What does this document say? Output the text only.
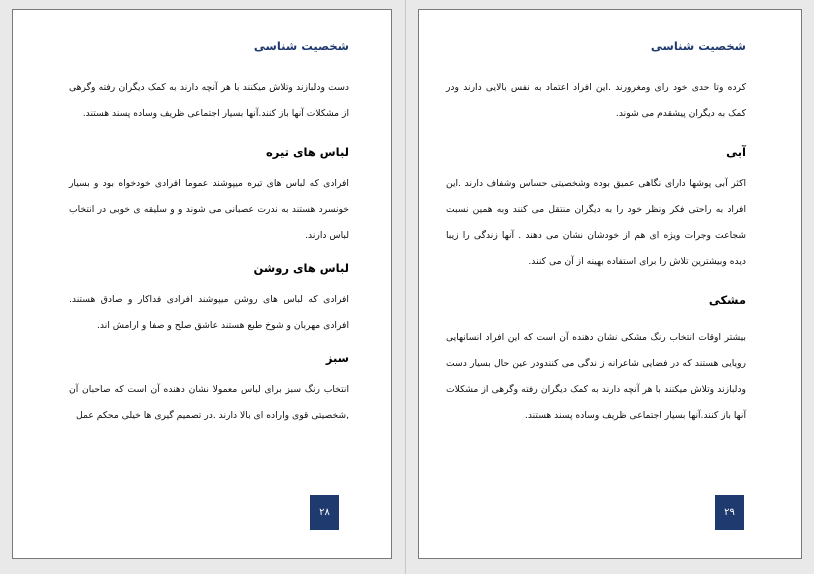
شخصیت شناسی

دست ودلبازند وتلاش میکنند با هر آنچه دارند به کمک دیگران رفته وگرهی از مشکلات آنها باز کنند.آنها بسیار اجتماعی ظریف وساده پسند هستند.

لباس های تیره

افرادی که لباس های تیره میپوشند عموما افرادی خودخواه بود و بسیار خونسرد هستند به ندرت عصبانی می شوند و و سلیقه ی خوبی در انتخاب لباس دارند.

لباس های روشن

افرادی که لباس های روشن میپوشند افرادی فداکار و صادق هستند. افرادی مهربان و شوخ طبع هستند عاشق صلح و صفا و ارامش اند.

سبز

انتخاب رنگ سبز برای لباس معمولا نشان دهنده آن است که صاحبان آن ,شخصیتی قوی واراده ای بالا دارند .در تصمیم گیری ها خیلی محکم عمل

۲۸

شخصیت شناسی

کرده وتا حدی خود رای ومغرورند .این افراد اعتماد به نفس بالایی دارند ودر کمک به دیگران پیشقدم می شوند.

آبی

اکثر آبی پوشها دارای نگاهی عمیق بوده وشخصیتی حساس وشفاف دارند .این افراد به راحتی فکر ونظر خود را به دیگران منتقل می کنند وبه همین نسبت شجاعت وجرات ویژه ای هم از خودشان نشان می دهند . آنها زندگی را زیبا دیده وبیشترین تلاش را برای استفاده بهینه از آن می کنند.

مشکی

بیشتر اوقات انتخاب رنگ مشکی نشان دهنده آن است که این افراد انسانهایی رویایی هستند که در فضایی شاعرانه ز ندگی می کنندودر عین حال بسیار دست ودلبازند وتلاش میکنند با هر آنچه دارند به کمک دیگران رفته وگرهی از مشکلات آنها باز کنند.آنها بسیار اجتماعی ظریف وساده پسند هستند.

۲۹
